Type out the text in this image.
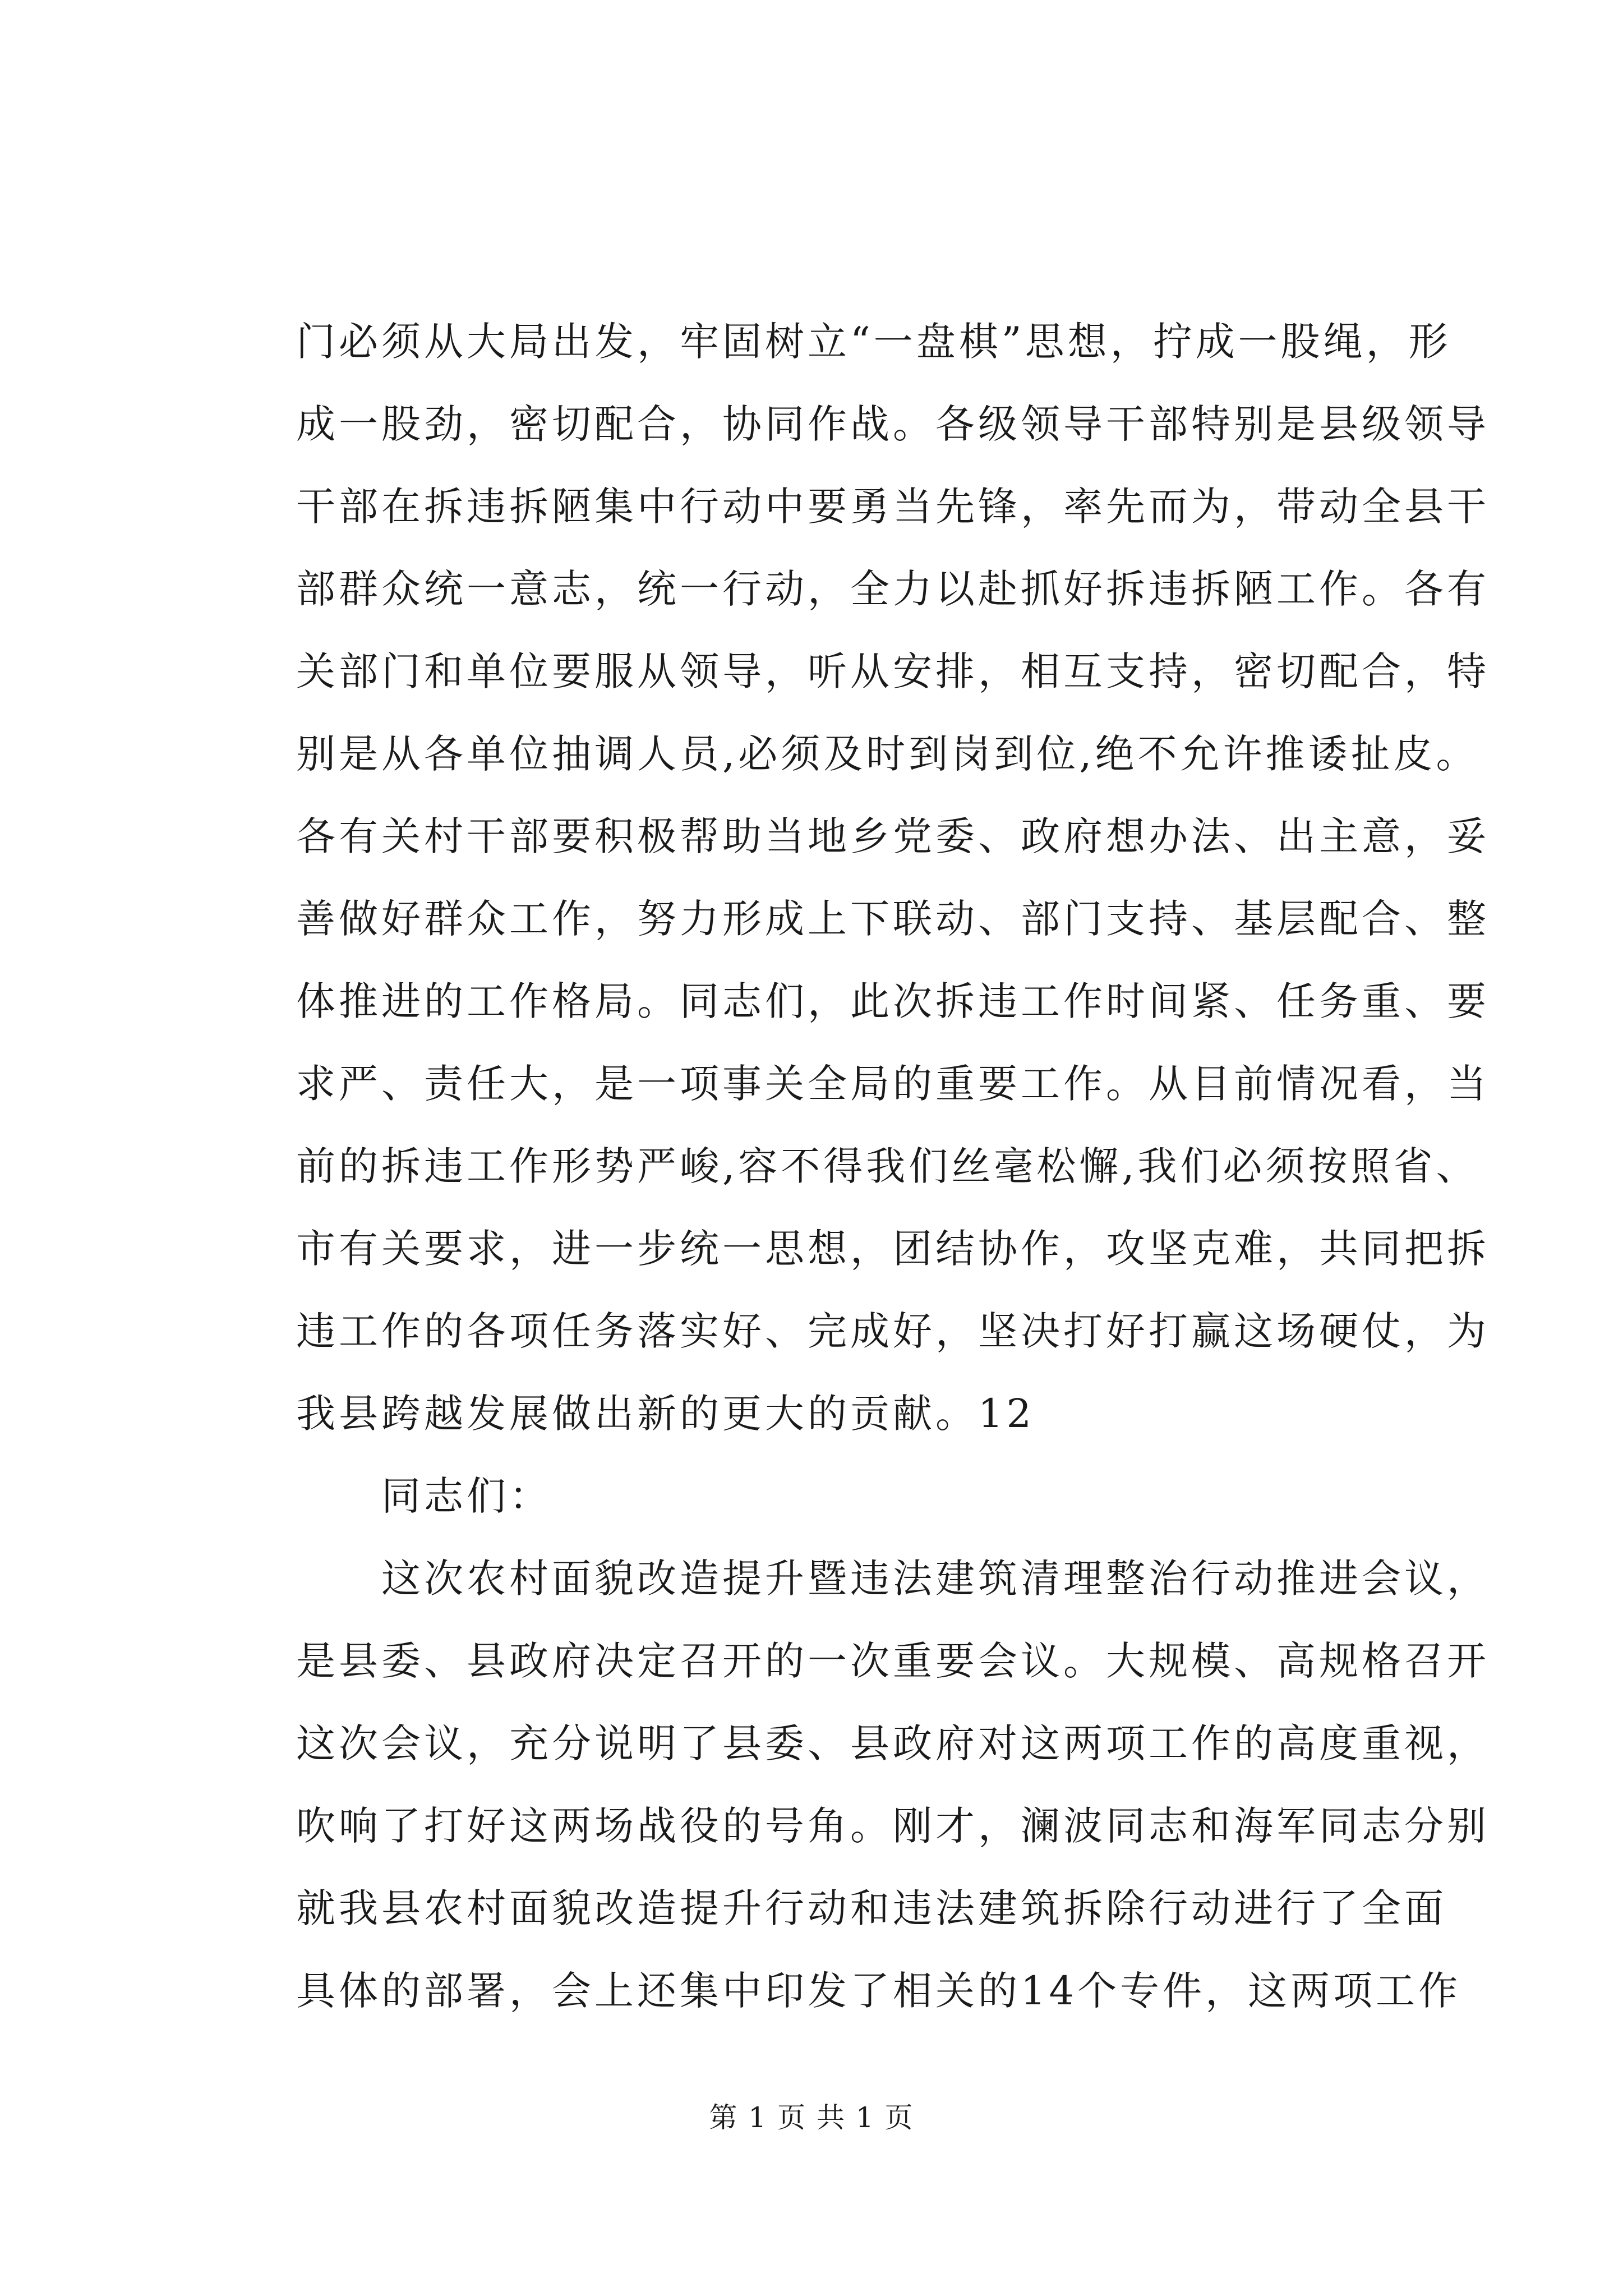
门必须从大局出发，牢固树立“一盘棋”思想，拧成一股绳，形
成一股劲，密切配合，协同作战。各级领导干部特别是县级领导
干部在拆违拆陋集中行动中要勇当先锋，率先而为，带动全县干
部群众统一意志，统一行动，全力以赴抓好拆违拆陋工作。各有
关部门和单位要服从领导，听从安排，相互支持，密切配合，特
别是从各单位抽调人员,必须及时到岗到位,绝不允许推诿扯皮。
各有关村干部要积极帮助当地乡党委、政府想办法、出主意，妥
善做好群众工作，努力形成上下联动、部门支持、基层配合、整
体推进的工作格局。同志们，此次拆违工作时间紧、任务重、要
求严、责任大，是一项事关全局的重要工作。从目前情况看，当
前的拆违工作形势严峻,容不得我们丝毫松懈,我们必须按照省、
市有关要求，进一步统一思想，团结协作，攻坚克难，共同把拆
违工作的各项任务落实好、完成好，坚决打好打赢这场硬仗，为
我县跨越发展做出新的更大的贡献。12
　　同志们：
　　这次农村面貌改造提升暨违法建筑清理整治行动推进会议，
是县委、县政府决定召开的一次重要会议。大规模、高规格召开
这次会议，充分说明了县委、县政府对这两项工作的高度重视，
吹响了打好这两场战役的号角。刚才，澜波同志和海军同志分别
就我县农村面貌改造提升行动和违法建筑拆除行动进行了全面
具体的部署，会上还集中印发了相关的14个专件，这两项工作
第 1 页 共 1 页
